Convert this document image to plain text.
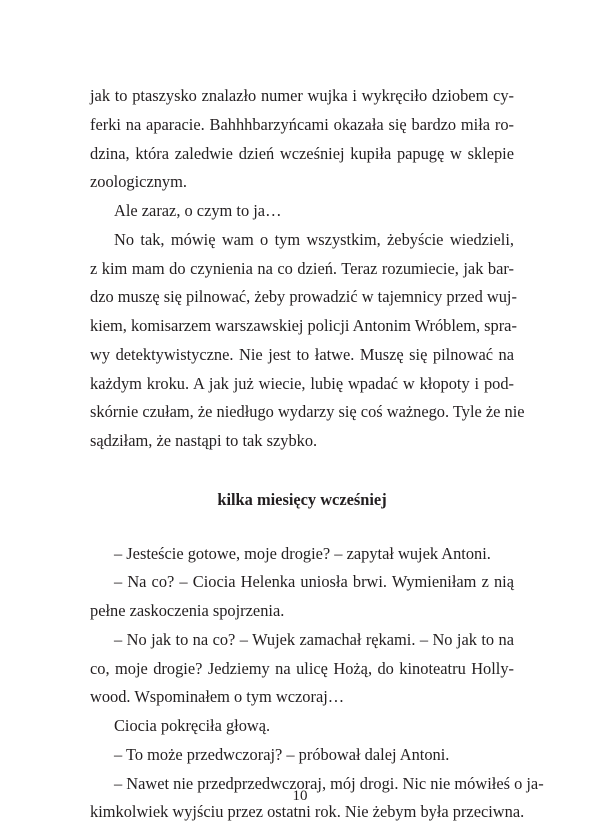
jak to ptaszysko znalazło numer wujka i wykręciło dziobem cy-
ferki na aparacie. Bahhhbarzyńcami okazała się bardzo miła ro-
dzina, która zaledwie dzień wcześniej kupiła papugę w sklepie
zoologicznym.
Ale zaraz, o czym to ja…
No tak, mówię wam o tym wszystkim, żebyście wiedzieli,
z kim mam do czynienia na co dzień. Teraz rozumiecie, jak bar-
dzo muszę się pilnować, żeby prowadzić w tajemnicy przed wuj-
kiem, komisarzem warszawskiej policji Antonim Wróblem, spra-
wy detektywistyczne. Nie jest to łatwe. Muszę się pilnować na
każdym kroku. A jak już wiecie, lubię wpadać w kłopoty i pod-
skórnie czułam, że niedługo wydarzy się coś ważnego. Tyle że nie
sądziłam, że nastąpi to tak szybko.
kilka miesięcy wcześniej
– Jesteście gotowe, moje drogie? – zapytał wujek Antoni.
– Na co? – Ciocia Helenka uniosła brwi. Wymieniłam z nią
pełne zaskoczenia spojrzenia.
– No jak to na co? – Wujek zamachał rękami. – No jak to na
co, moje drogie? Jedziemy na ulicę Hożą, do kinoteatru Holly-
wood. Wspominałem o tym wczoraj…
Ciocia pokręciła głową.
– To może przedwczoraj? – próbował dalej Antoni.
– Nawet nie przedprzedwczoraj, mój drogi. Nic nie mówiłeś o ja-
kimkolwiek wyjściu przez ostatni rok. Nie żebym była przeciwna.
10
